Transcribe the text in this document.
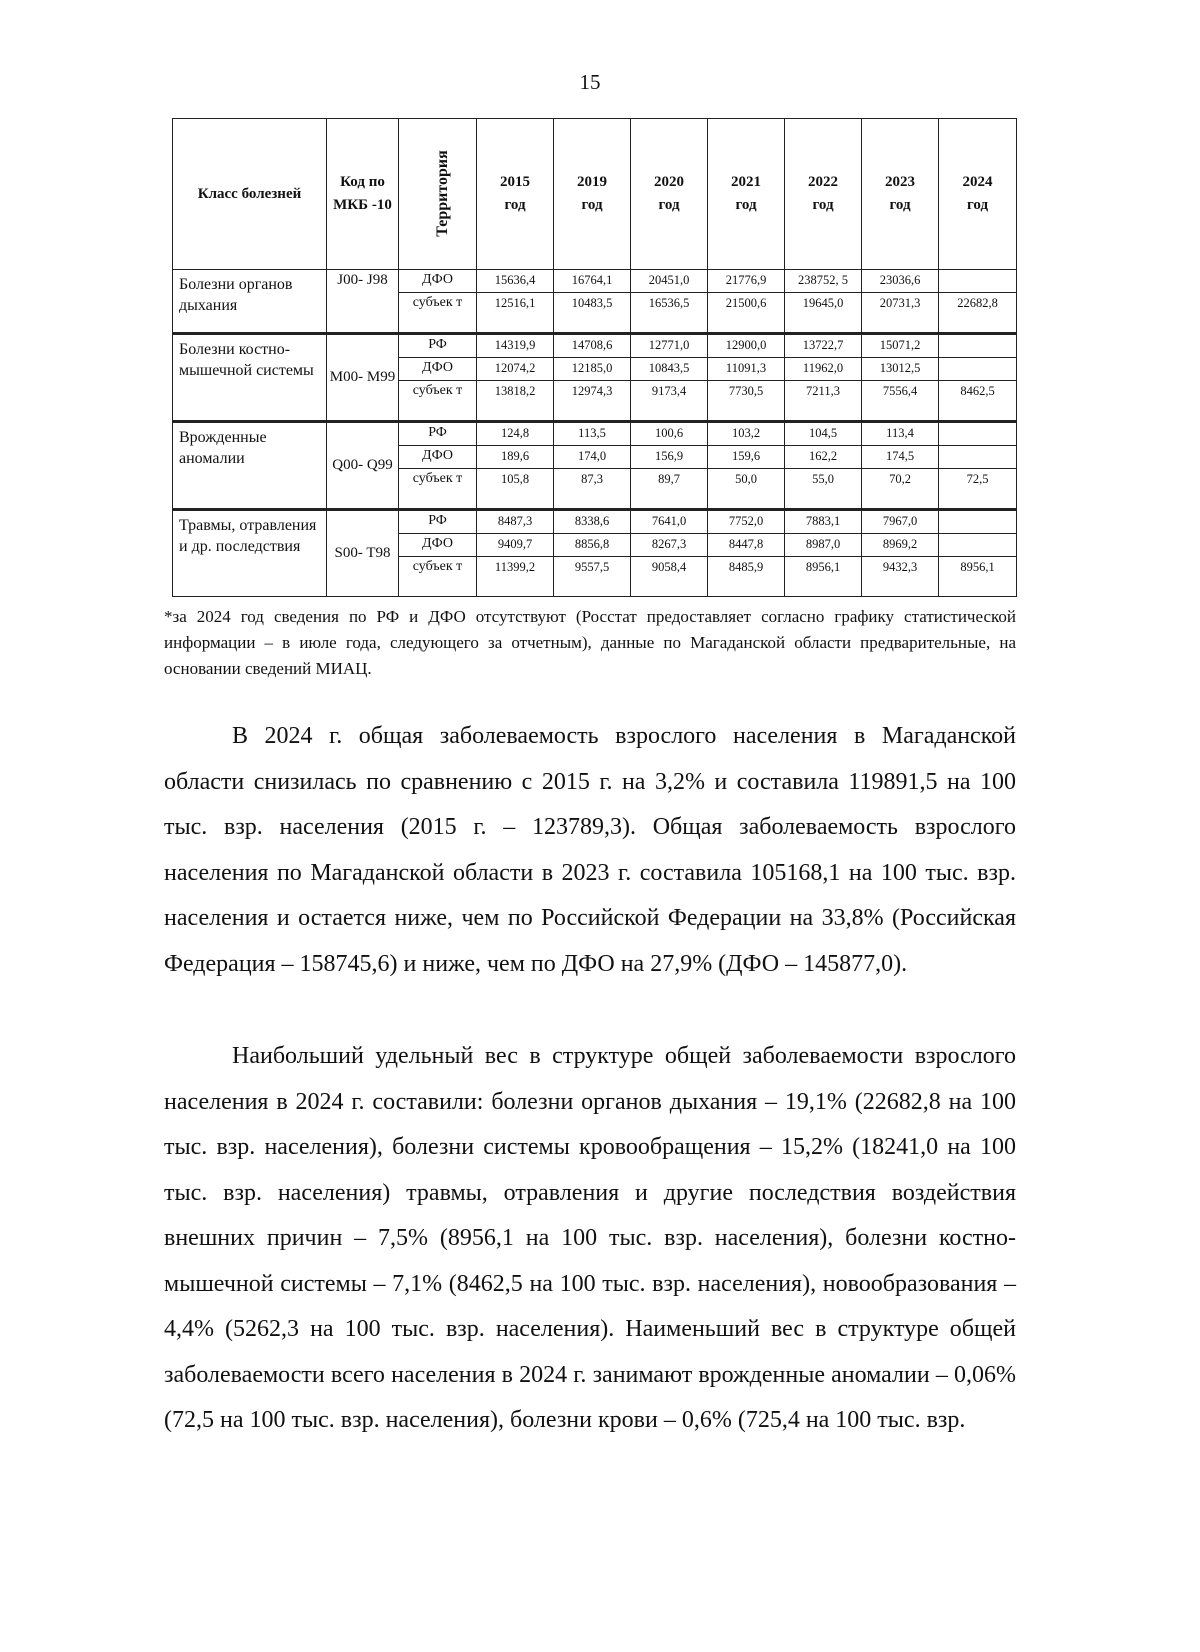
15
Класс болезней	Код по МКБ -10	Территория	2015 год	2019 год	2020 год	2021 год	2022 год	2023 год	2024 год
Болезни органов дыхания	J00- J98	ДФО	15636,4	16764,1	20451,0	21776,9	238752, 5	23036,6	
		субъек т	12516,1	10483,5	16536,5	21500,6	19645,0	20731,3	22682,8
Болезни костно-мышечной системы	M00- M99	РФ	14319,9	14708,6	12771,0	12900,0	13722,7	15071,2	
		ДФО	12074,2	12185,0	10843,5	11091,3	11962,0	13012,5	
		субъек т	13818,2	12974,3	9173,4	7730,5	7211,3	7556,4	8462,5
Врожденные аномалии	Q00- Q99	РФ	124,8	113,5	100,6	103,2	104,5	113,4	
		ДФО	189,6	174,0	156,9	159,6	162,2	174,5	
		субъек т	105,8	87,3	89,7	50,0	55,0	70,2	72,5
Травмы, отравления и др. последствия	S00- T98	РФ	8487,3	8338,6	7641,0	7752,0	7883,1	7967,0	
		ДФО	9409,7	8856,8	8267,3	8447,8	8987,0	8969,2	
		субъек т	11399,2	9557,5	9058,4	8485,9	8956,1	9432,3	8956,1
*за 2024 год сведения по РФ и ДФО отсутствуют (Росстат предоставляет согласно графику статистической информации – в июле года, следующего за отчетным), данные по Магаданской области предварительные, на основании сведений МИАЦ.
В 2024 г. общая заболеваемость взрослого населения в Магаданской области снизилась по сравнению с 2015 г. на 3,2% и составила 119891,5 на 100 тыс. взр. населения (2015 г. – 123789,3). Общая заболеваемость взрослого населения по Магаданской области в 2023 г. составила 105168,1 на 100 тыс. взр. населения и остается ниже, чем по Российской Федерации на 33,8% (Российская Федерация – 158745,6) и ниже, чем по ДФО на 27,9% (ДФО – 145877,0).
Наибольший удельный вес в структуре общей заболеваемости взрослого населения в 2024 г. составили: болезни органов дыхания – 19,1% (22682,8 на 100 тыс. взр. населения), болезни системы кровообращения – 15,2% (18241,0 на 100 тыс. взр. населения) травмы, отравления и другие последствия воздействия внешних причин – 7,5% (8956,1 на 100 тыс. взр. населения), болезни костно-мышечной системы – 7,1% (8462,5 на 100 тыс. взр. населения), новообразования – 4,4% (5262,3 на 100 тыс. взр. населения). Наименьший вес в структуре общей заболеваемости всего населения в 2024 г. занимают врожденные аномалии – 0,06% (72,5 на 100 тыс. взр. населения), болезни крови – 0,6% (725,4 на 100 тыс. взр.
